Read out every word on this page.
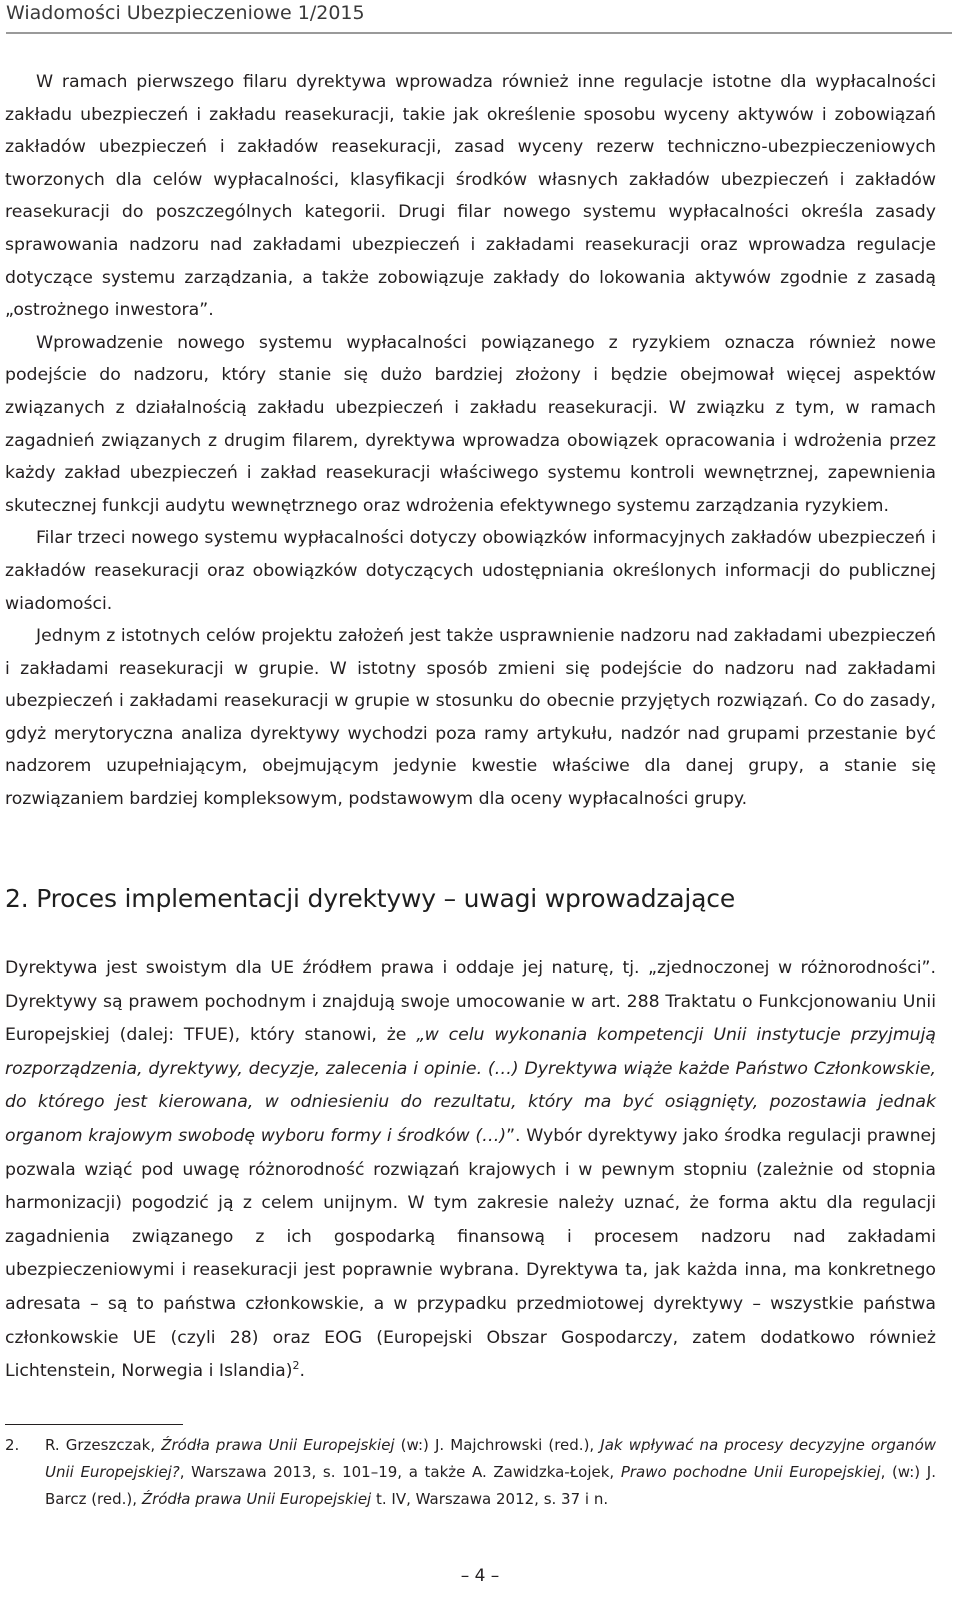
Wiadomości Ubezpieczeniowe 1/2015

W ramach pierwszego filaru dyrektywa wprowadza również inne regulacje istotne dla wypłacalności zakładu ubezpieczeń i zakładu reasekuracji, takie jak określenie sposobu wyceny aktywów i zobowiązań zakładów ubezpieczeń i zakładów reasekuracji, zasad wyceny rezerw techniczno-ubezpieczeniowych tworzonych dla celów wypłacalności, klasyfikacji środków własnych zakładów ubezpieczeń i zakładów reasekuracji do poszczególnych kategorii. Drugi filar nowego systemu wypłacalności określa zasady sprawowania nadzoru nad zakładami ubezpieczeń i zakładami reasekuracji oraz wprowadza regulacje dotyczące systemu zarządzania, a także zobowiązuje zakłady do lokowania aktywów zgodnie z zasadą „ostrożnego inwestora”.

Wprowadzenie nowego systemu wypłacalności powiązanego z ryzykiem oznacza również nowe podejście do nadzoru, który stanie się dużo bardziej złożony i będzie obejmował więcej aspektów związanych z działalnością zakładu ubezpieczeń i zakładu reasekuracji. W związku z tym, w ramach zagadnień związanych z drugim filarem, dyrektywa wprowadza obowiązek opracowania i wdrożenia przez każdy zakład ubezpieczeń i zakład reasekuracji właściwego systemu kontroli wewnętrznej, zapewnienia skutecznej funkcji audytu wewnętrznego oraz wdrożenia efektywnego systemu zarządzania ryzykiem.

Filar trzeci nowego systemu wypłacalności dotyczy obowiązków informacyjnych zakładów ubezpieczeń i zakładów reasekuracji oraz obowiązków dotyczących udostępniania określonych informacji do publicznej wiadomości.

Jednym z istotnych celów projektu założeń jest także usprawnienie nadzoru nad zakładami ubezpieczeń i zakładami reasekuracji w grupie. W istotny sposób zmieni się podejście do nadzoru nad zakładami ubezpieczeń i zakładami reasekuracji w grupie w stosunku do obecnie przyjętych rozwiązań. Co do zasady, gdyż merytoryczna analiza dyrektywy wychodzi poza ramy artykułu, nadzór nad grupami przestanie być nadzorem uzupełniającym, obejmującym jedynie kwestie właściwe dla danej grupy, a stanie się rozwiązaniem bardziej kompleksowym, podstawowym dla oceny wypłacalności grupy.

2. Proces implementacji dyrektywy – uwagi wprowadzające

Dyrektywa jest swoistym dla UE źródłem prawa i oddaje jej naturę, tj. „zjednoczonej w różnorodności”. Dyrektywy są prawem pochodnym i znajdują swoje umocowanie w art. 288 Traktatu o Funkcjonowaniu Unii Europejskiej (dalej: TFUE), który stanowi, że „w celu wykonania kompetencji Unii instytucje przyjmują rozporządzenia, dyrektywy, decyzje, zalecenia i opinie. (…) Dyrektywa wiąże każde Państwo Członkowskie, do którego jest kierowana, w odniesieniu do rezultatu, który ma być osiągnięty, pozostawia jednak organom krajowym swobodę wyboru formy i środków (…)”. Wybór dyrektywy jako środka regulacji prawnej pozwala wziąć pod uwagę różnorodność rozwiązań krajowych i w pewnym stopniu (zależnie od stopnia harmonizacji) pogodzić ją z celem unijnym. W tym zakresie należy uznać, że forma aktu dla regulacji zagadnienia związanego z ich gospodarką finansową i procesem nadzoru nad zakładami ubezpieczeniowymi i reasekuracji jest poprawnie wybrana. Dyrektywa ta, jak każda inna, ma konkretnego adresata – są to państwa członkowskie, a w przypadku przedmiotowej dyrektywy – wszystkie państwa członkowskie UE (czyli 28) oraz EOG (Europejski Obszar Gospodarczy, zatem dodatkowo również Lichtenstein, Norwegia i Islandia)$^2$.

2. R. Grzeszczak, Źródła prawa Unii Europejskiej (w:) J. Majchrowski (red.), Jak wpływać na procesy decyzyjne organów Unii Europejskiej?, Warszawa 2013, s. 101–19, a także A. Zawidzka-Łojek, Prawo pochodne Unii Europejskiej, (w:) J. Barcz (red.), Źródła prawa Unii Europejskiej t. IV, Warszawa 2012, s. 37 i n.
– 4 –
